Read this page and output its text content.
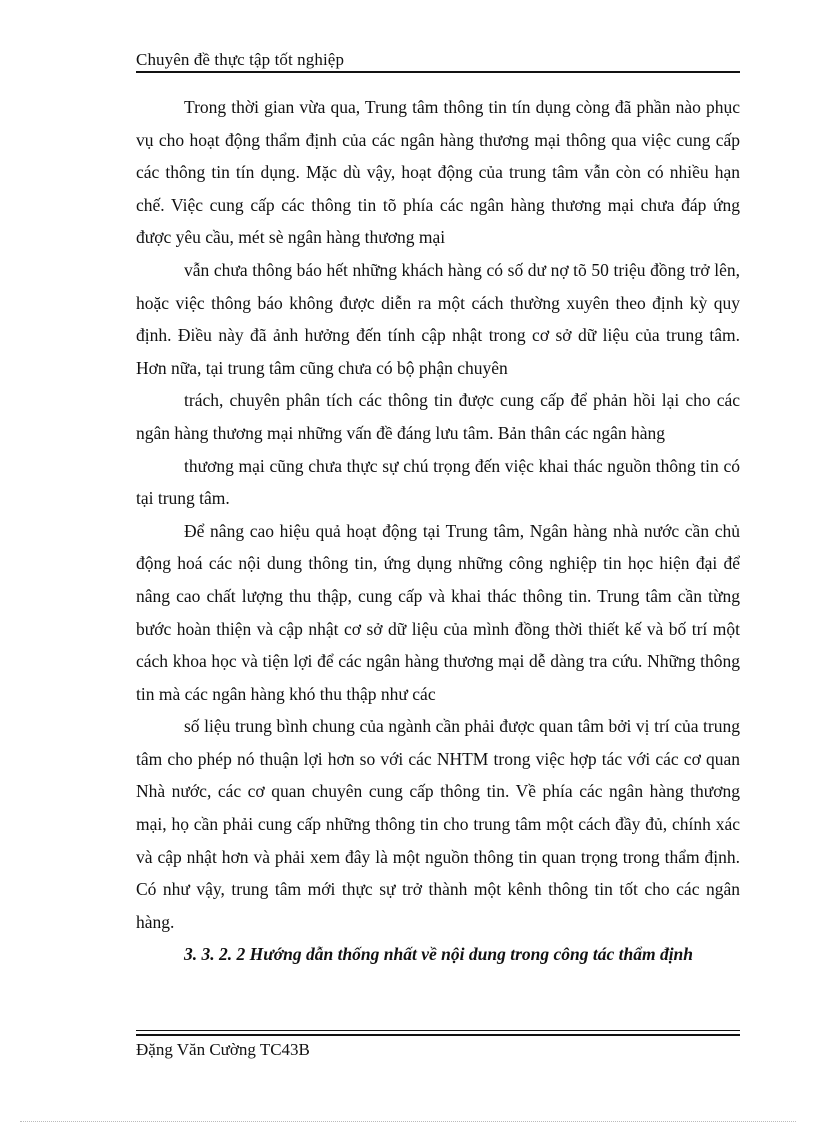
Chuyên đề thực tập tốt nghiệp

Trong thời gian vừa qua, Trung tâm thông tin tín dụng còng đã phần nào phục vụ cho hoạt động thẩm định của các ngân hàng thương mại thông qua việc cung cấp các thông tin tín dụng. Mặc dù vậy, hoạt động của trung tâm vẫn còn có nhiều hạn chế. Việc cung cấp các thông tin tõ phía các ngân hàng thương mại chưa đáp ứng được yêu cầu, mét sè ngân hàng thương mại

vẫn chưa thông báo hết những khách hàng có số dư nợ tõ 50 triệu đồng trở lên, hoặc việc thông báo không được diễn ra một cách thường xuyên theo định kỳ quy định. Điều này đã ảnh hưởng đến tính cập nhật trong cơ sở dữ liệu của trung tâm. Hơn nữa, tại trung tâm cũng chưa có bộ phận chuyên

trách, chuyên phân tích các thông tin được cung cấp để phản hồi lại cho các ngân hàng thương mại những vấn đề đáng lưu tâm. Bản thân các ngân hàng

thương mại cũng chưa thực sự chú trọng đến việc khai thác nguồn thông tin có tại trung tâm.

Để nâng cao hiệu quả hoạt động tại Trung tâm, Ngân hàng nhà nước cần chủ động hoá các nội dung thông tin, ứng dụng những công nghiệp tin học hiện đại để nâng cao chất lượng thu thập, cung cấp và khai thác thông tin. Trung tâm cần từng bước hoàn thiện và cập nhật cơ sở dữ liệu của mình đồng thời thiết kế và bố trí một cách khoa học và tiện lợi để các ngân hàng thương mại dễ dàng tra cứu. Những thông tin mà các ngân hàng khó thu thập như các

số liệu trung bình chung của ngành cần phải được quan tâm bởi vị trí của trung tâm cho phép nó thuận lợi hơn so với các NHTM trong việc hợp tác với các cơ quan Nhà nước, các cơ quan chuyên cung cấp thông tin. Về phía các ngân hàng thương mại, họ cần phải cung cấp những thông tin cho trung tâm một cách đầy đủ, chính xác và cập nhật hơn và phải xem đây là một nguồn thông tin quan trọng trong thẩm định. Có như vậy, trung tâm mới thực sự trở thành một kênh thông tin tốt cho các ngân hàng.

3. 3. 2. 2 Hướng dẫn thống nhất về nội dung trong công tác thẩm định

Đặng Văn Cường TC43B
